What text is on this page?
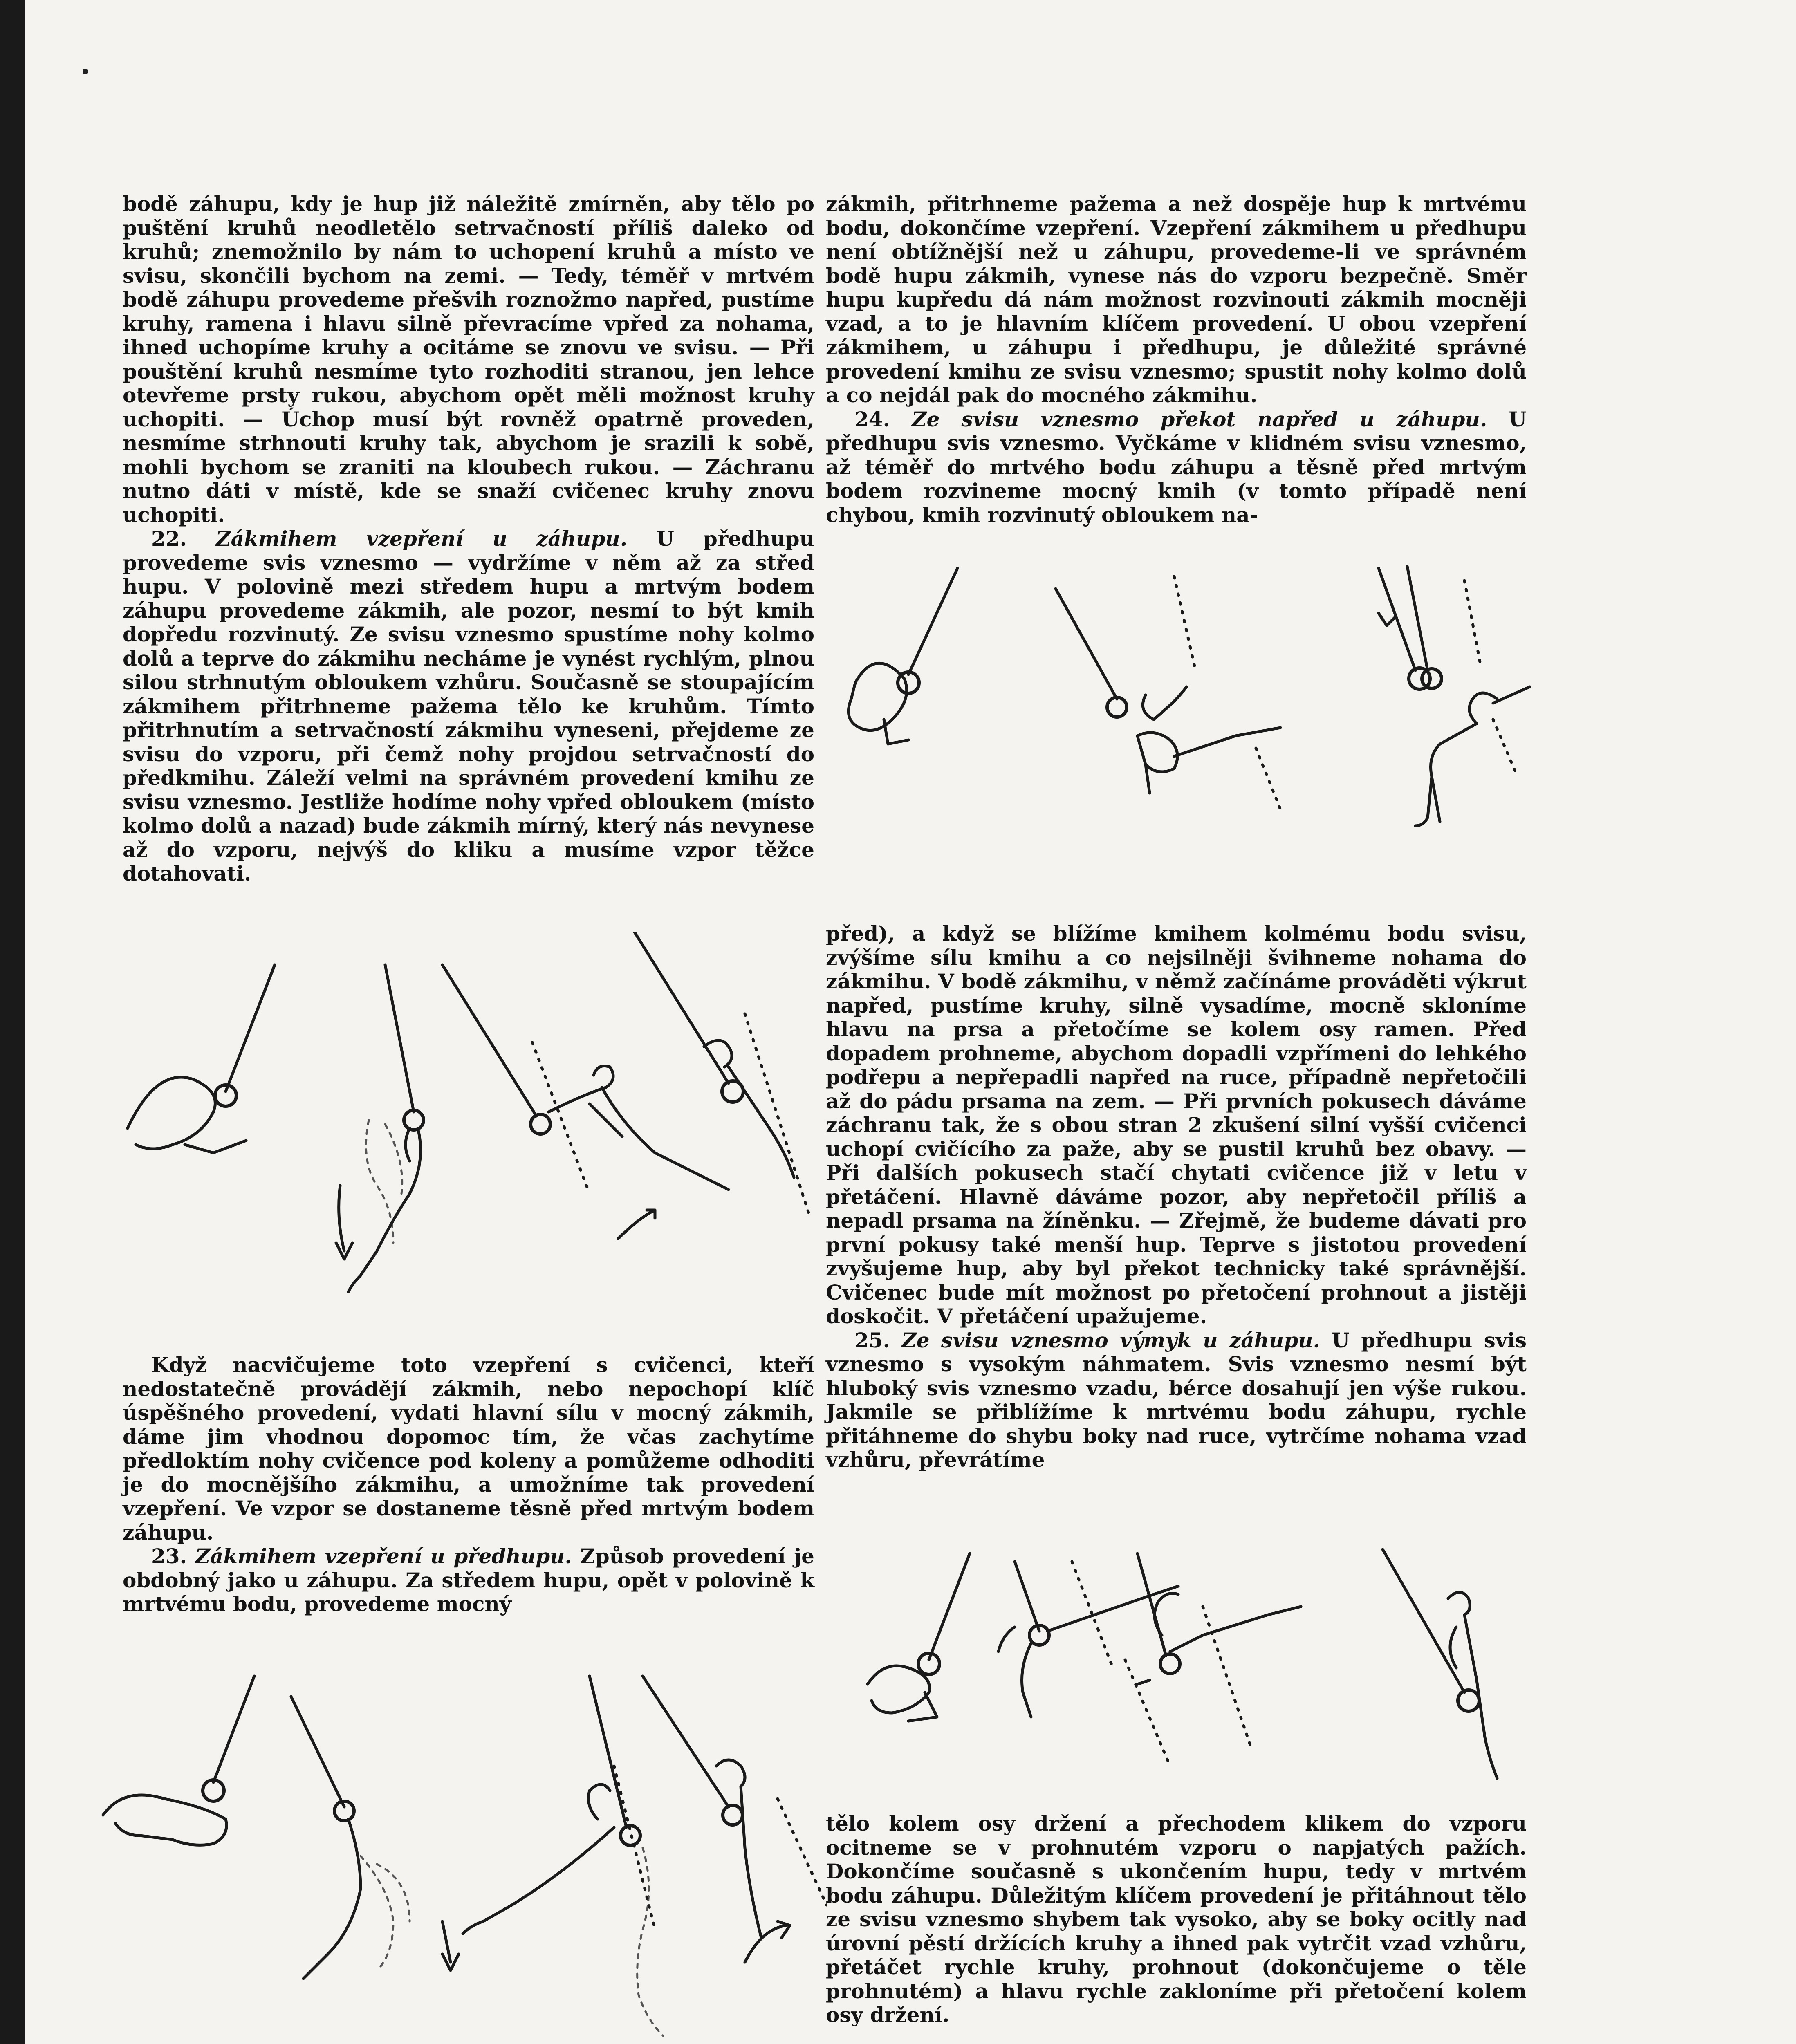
bodě záhupu, kdy je hup již náležitě zmírněn, aby tělo po puštění kruhů neodletělo setrvačností příliš daleko od kruhů; znemožnilo by nám to uchopení kruhů a místo ve svisu, skončili bychom na zemi. — Tedy, téměř v mrtvém bodě záhupu provedeme přešvih roznožmo napřed, pustíme kruhy, ramena i hlavu silně převracíme vpřed za nohama, ihned uchopíme kruhy a ocitáme se znovu ve svisu. — Při pouštění kruhů nesmíme tyto rozhoditi stranou, jen lehce otevřeme prsty rukou, abychom opět měli možnost kruhy uchopiti. — Úchop musí být rovněž opatrně proveden, nesmíme strhnouti kruhy tak, abychom je srazili k sobě, mohli bychom se zraniti na kloubech rukou. — Záchranu nutno dáti v místě, kde se snaží cvičenec kruhy znovu uchopiti.

22. Zákmihem vzepření u záhupu. U předhupu provedeme svis vznesmo — vydržíme v něm až za střed hupu. V polovině mezi středem hupu a mrtvým bodem záhupu provedeme zákmih, ale pozor, nesmí to být kmih dopředu rozvinutý. Ze svisu vznesmo spustíme nohy kolmo dolů a teprve do zákmihu necháme je vynést rychlým, plnou silou strhnutým obloukem vzhůru. Současně se stoupajícím zákmihem přitrhneme pažema tělo ke kruhům. Tímto přitrhnutím a setrvačností zákmihu vyneseni, přejdeme ze svisu do vzporu, při čemž nohy projdou setrvačností do předkmihu. Záleží velmi na správném provedení kmihu ze svisu vznesmo. Jestliže hodíme nohy vpřed obloukem (místo kolmo dolů a nazad) bude zákmih mírný, který nás nevynese až do vzporu, nejvýš do kliku a musíme vzpor těžce dotahovati.

zákmih, přitrhneme pažema a než dospěje hup k mrtvému bodu, dokončíme vzepření. Vzepření zákmihem u předhupu není obtížnější než u záhupu, provedeme-li ve správném bodě hupu zákmih, vynese nás do vzporu bezpečně. Směr hupu kupředu dá nám možnost rozvinouti zákmih mocněji vzad, a to je hlavním klíčem provedení. U obou vzepření zákmihem, u záhupu i předhupu, je důležité správné provedení kmihu ze svisu vznesmo; spustit nohy kolmo dolů a co nejdál pak do mocného zákmihu.

24. Ze svisu vznesmo překot napřed u záhupu. U předhupu svis vznesmo. Vyčkáme v klidném svisu vznesmo, až téměř do mrtvého bodu záhupu a těsně před mrtvým bodem rozvineme mocný kmih (v tomto případě není chybou, kmih rozvinutý obloukem na-

Když nacvičujeme toto vzepření s cvičenci, kteří nedostatečně provádějí zákmih, nebo nepochopí klíč úspěšného provedení, vydati hlavní sílu v mocný zákmih, dáme jim vhodnou dopomoc tím, že včas zachytíme předloktím nohy cvičence pod koleny a pomůžeme odhoditi je do mocnějšího zákmihu, a umožníme tak provedení vzepření. Ve vzpor se dostaneme těsně před mrtvým bodem záhupu.

23. Zákmihem vzepření u předhupu. Způsob provedení je obdobný jako u záhupu. Za středem hupu, opět v polovině k mrtvému bodu, provedeme mocný

před), a když se blížíme kmihem kolmému bodu svisu, zvýšíme sílu kmihu a co nejsilněji švihneme nohama do zákmihu. V bodě zákmihu, v němž začínáme prováděti výkrut napřed, pustíme kruhy, silně vysadíme, mocně skloníme hlavu na prsa a přetočíme se kolem osy ramen. Před dopadem prohneme, abychom dopadli vzpřímeni do lehkého podřepu a nepřepadli napřed na ruce, případně nepřetočili až do pádu prsama na zem. — Při prvních pokusech dáváme záchranu tak, že s obou stran 2 zkušení silní vyšší cvičenci uchopí cvičícího za paže, aby se pustil kruhů bez obavy. — Při dalších pokusech stačí chytati cvičence již v letu v přetáčení. Hlavně dáváme pozor, aby nepřetočil příliš a nepadl prsama na žíněnku. — Zřejmě, že budeme dávati pro první pokusy také menší hup. Teprve s jistotou provedení zvyšujeme hup, aby byl překot technicky také správnější. Cvičenec bude mít možnost po přetočení prohnout a jistěji doskočit. V přetáčení upažujeme.

25. Ze svisu vznesmo výmyk u záhupu. U předhupu svis vznesmo s vysokým náhmatem. Svis vznesmo nesmí být hluboký svis vznesmo vzadu, bérce dosahují jen výše rukou. Jakmile se přiblížíme k mrtvému bodu záhupu, rychle přitáhneme do shybu boky nad ruce, vytrčíme nohama vzad vzhůru, převrátíme

tělo kolem osy držení a přechodem klikem do vzporu ocitneme se v prohnutém vzporu o napjatých pažích. Dokončíme současně s ukončením hupu, tedy v mrtvém bodu záhupu. Důležitým klíčem provedení je přitáhnout tělo ze svisu vznesmo shybem tak vysoko, aby se boky ocitly nad úrovní pěstí držících kruhy a ihned pak vytrčit vzad vzhůru, přetáčet rychle kruhy, prohnout (dokončujeme o těle prohnutém) a hlavu rychle zakloníme při přetočení kolem osy držení.
